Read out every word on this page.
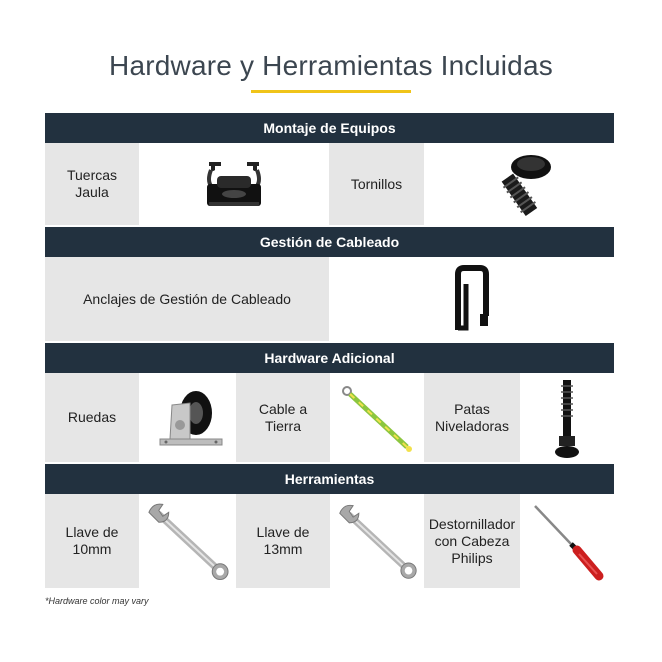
Hardware y Herramientas Incluidas
Montaje de Equipos
Tuercas Jaula
Tornillos
Gestión de Cableado
Anclajes de Gestión de Cableado
Hardware Adicional
Ruedas
Cable a Tierra
Patas
Niveladoras
Herramientas
Llave de
10mm
Llave de
13mm
Destornillador
con Cabeza
Philips
*Hardware color may vary
